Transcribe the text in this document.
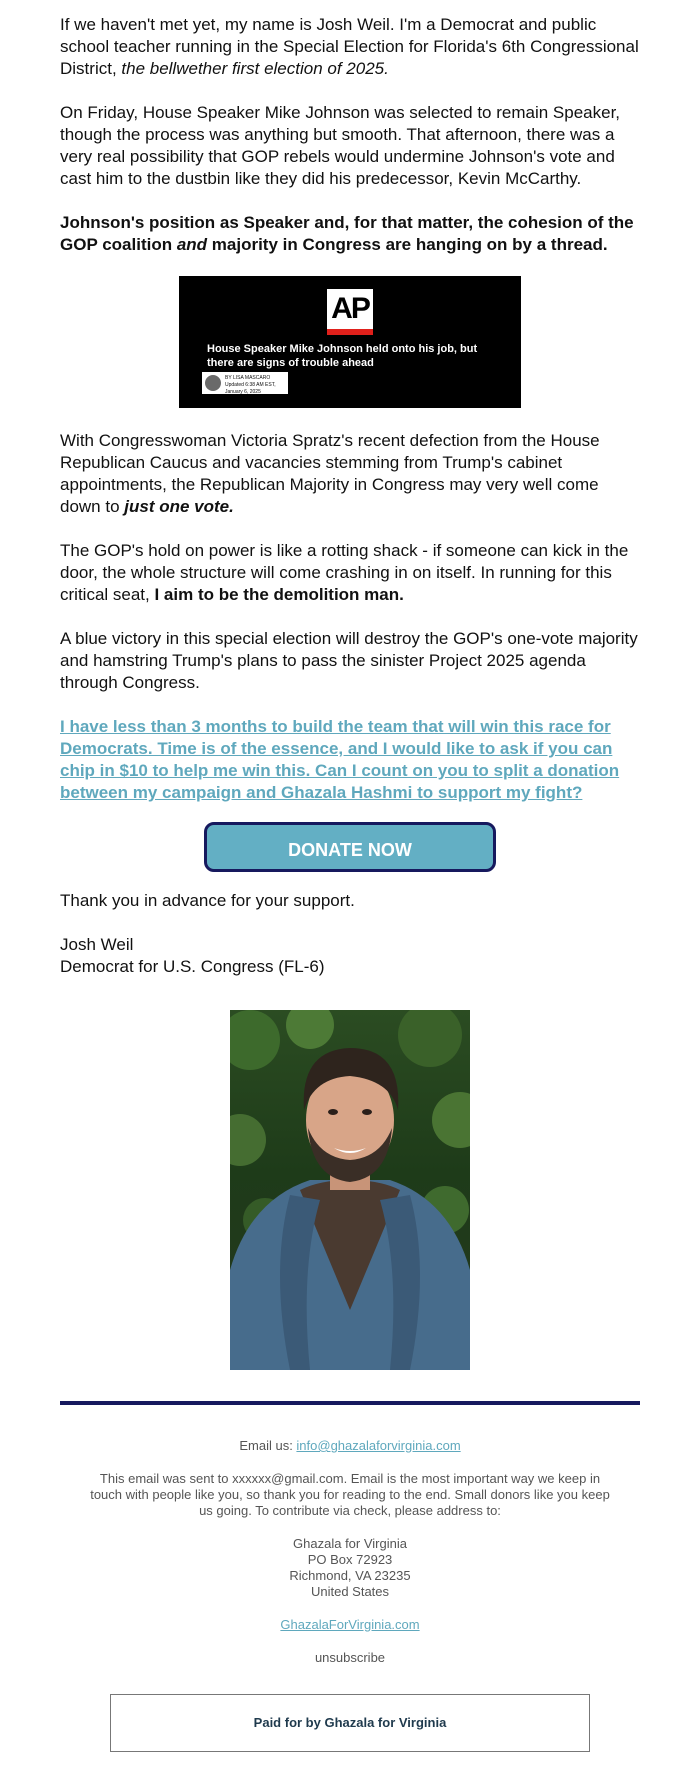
If we haven't met yet, my name is Josh Weil. I'm a Democrat and public school teacher running in the Special Election for Florida's 6th Congressional District, the bellwether first election of 2025.

On Friday, House Speaker Mike Johnson was selected to remain Speaker, though the process was anything but smooth. That afternoon, there was a very real possibility that GOP rebels would undermine Johnson's vote and cast him to the dustbin like they did his predecessor, Kevin McCarthy.

Johnson's position as Speaker and, for that matter, the cohesion of the GOP coalition and majority in Congress are hanging on by a thread.

AP
House Speaker Mike Johnson held onto his job, but there are signs of trouble ahead
BY LISA MASCARO
Updated 6:38 AM EST, January 6, 2025

With Congresswoman Victoria Spratz's recent defection from the House Republican Caucus and vacancies stemming from Trump's cabinet appointments, the Republican Majority in Congress may very well come down to just one vote.

The GOP's hold on power is like a rotting shack - if someone can kick in the door, the whole structure will come crashing in on itself. In running for this critical seat, I aim to be the demolition man.

A blue victory in this special election will destroy the GOP's one-vote majority and hamstring Trump's plans to pass the sinister Project 2025 agenda through Congress.

I have less than 3 months to build the team that will win this race for Democrats. Time is of the essence, and I would like to ask if you can chip in $10 to help me win this. Can I count on you to split a donation between my campaign and Ghazala Hashmi to support my fight?
DONATE NOW

Thank you in advance for your support.

Josh Weil

Democrat for U.S. Congress (FL-6)

Email us: info@ghazalaforvirginia.com

This email was sent to xxxxxx@gmail.com. Email is the most important way we keep in touch with people like you, so thank you for reading to the end. Small donors like you keep us going. To contribute via check, please address to:

Ghazala for Virginia

PO Box 72923

Richmond, VA 23235

United States

GhazalaForVirginia.com

unsubscribe

Paid for by Ghazala for Virginia
